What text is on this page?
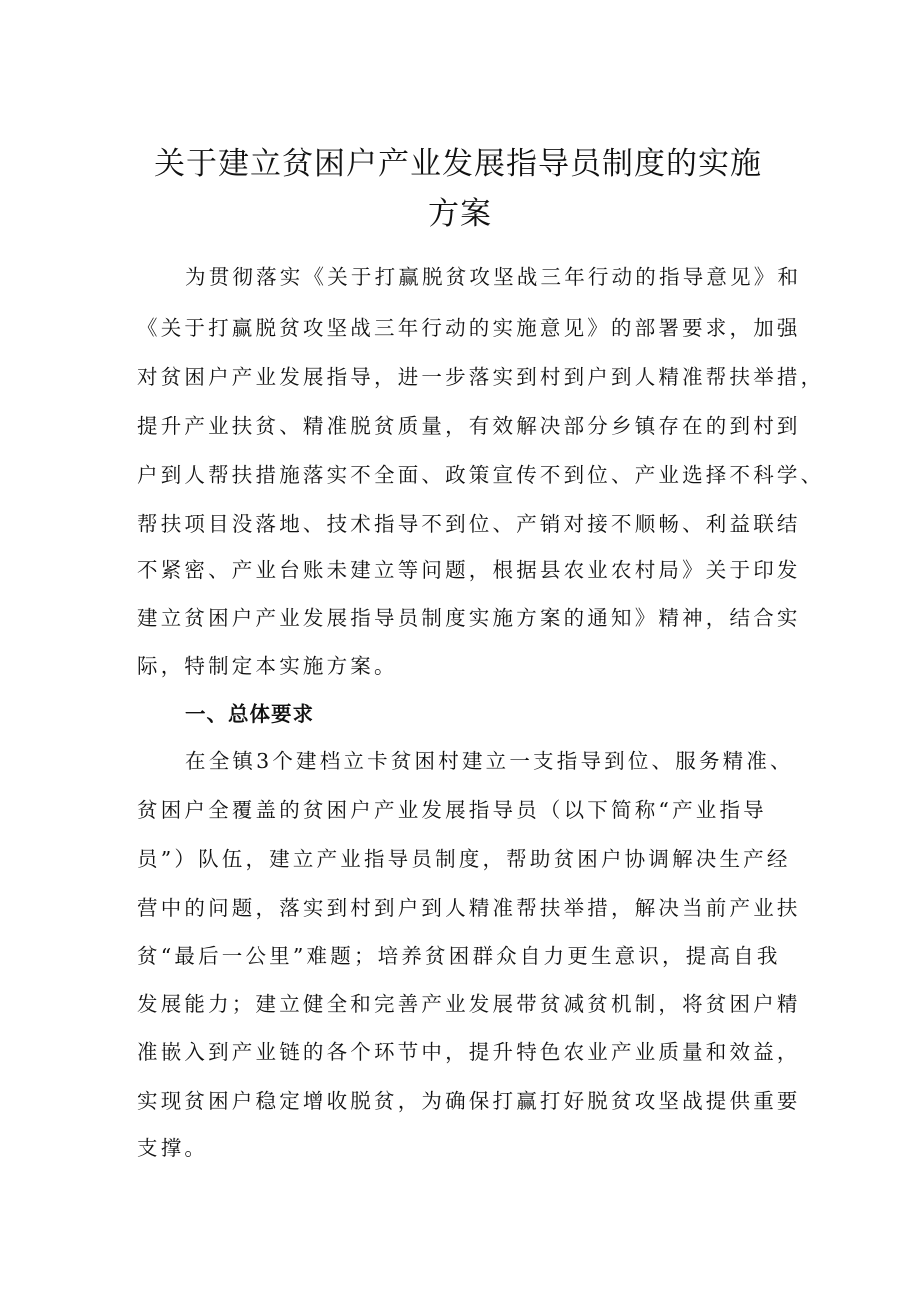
关于建立贫困户产业发展指导员制度的实施
方案
为贯彻落实《关于打赢脱贫攻坚战三年行动的指导意见》和
《关于打赢脱贫攻坚战三年行动的实施意见》的部署要求，加强
对贫困户产业发展指导，进一步落实到村到户到人精准帮扶举措，
提升产业扶贫、精准脱贫质量，有效解决部分乡镇存在的到村到
户到人帮扶措施落实不全面、政策宣传不到位、产业选择不科学、
帮扶项目没落地、技术指导不到位、产销对接不顺畅、利益联结
不紧密、产业台账未建立等问题，根据县农业农村局》关于印发
建立贫困户产业发展指导员制度实施方案的通知》精神，结合实
际，特制定本实施方案。
一、总体要求
在全镇3个建档立卡贫困村建立一支指导到位、服务精准、
贫困户全覆盖的贫困户产业发展指导员（以下简称“产业指导
员”）队伍，建立产业指导员制度，帮助贫困户协调解决生产经
营中的问题，落实到村到户到人精准帮扶举措，解决当前产业扶
贫“最后一公里”难题；培养贫困群众自力更生意识，提高自我
发展能力；建立健全和完善产业发展带贫减贫机制，将贫困户精
准嵌入到产业链的各个环节中，提升特色农业产业质量和效益，
实现贫困户稳定增收脱贫，为确保打赢打好脱贫攻坚战提供重要
支撑。
